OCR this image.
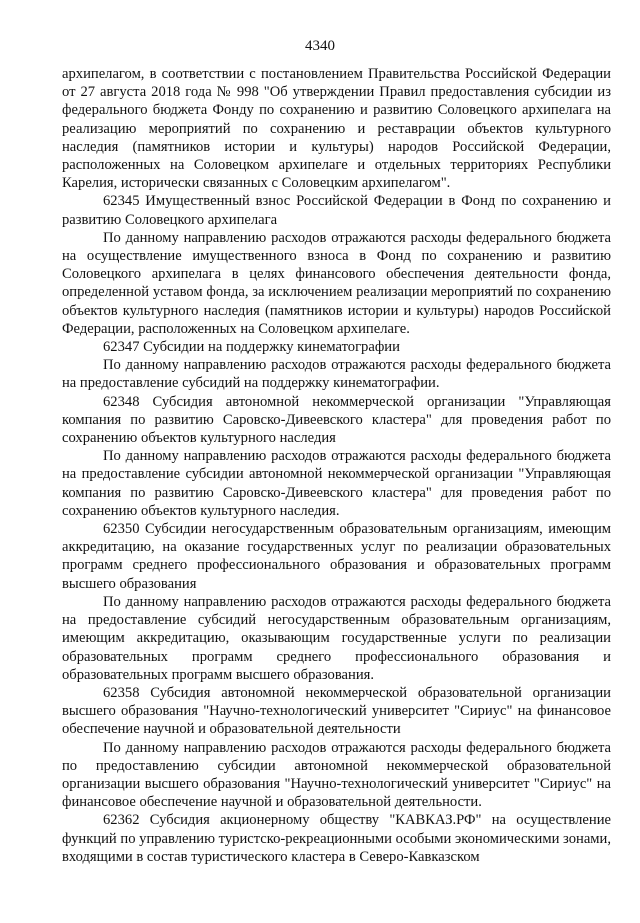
4340

архипелагом, в соответствии с постановлением Правительства Российской Федерации от 27 августа 2018 года № 998 "Об утверждении Правил предоставления субсидии из федерального бюджета Фонду по сохранению и развитию Соловецкого архипелага на реализацию мероприятий по сохранению и реставрации объектов культурного наследия (памятников истории и культуры) народов Российской Федерации, расположенных на Соловецком архипелаге и отдельных территориях Республики Карелия, исторически связанных с Соловецким архипелагом".

62345 Имущественный взнос Российской Федерации в Фонд по сохранению и развитию Соловецкого архипелага

По данному направлению расходов отражаются расходы федерального бюджета на осуществление имущественного взноса в Фонд по сохранению и развитию Соловецкого архипелага в целях финансового обеспечения деятельности фонда, определенной уставом фонда, за исключением реализации мероприятий по сохранению объектов культурного наследия (памятников истории и культуры) народов Российской Федерации, расположенных на Соловецком архипелаге.

62347 Субсидии на поддержку кинематографии

По данному направлению расходов отражаются расходы федерального бюджета на предоставление субсидий на поддержку кинематографии.

62348 Субсидия автономной некоммерческой организации "Управляющая компания по развитию Саровско-Дивеевского кластера" для проведения работ по сохранению объектов культурного наследия

По данному направлению расходов отражаются расходы федерального бюджета на предоставление субсидии автономной некоммерческой организации "Управляющая компания по развитию Саровско-Дивеевского кластера" для проведения работ по сохранению объектов культурного наследия.

62350 Субсидии негосударственным образовательным организациям, имеющим аккредитацию, на оказание государственных услуг по реализации образовательных программ среднего профессионального образования и образовательных программ высшего образования

По данному направлению расходов отражаются расходы федерального бюджета на предоставление субсидий негосударственным образовательным организациям, имеющим аккредитацию, оказывающим государственные услуги по реализации образовательных программ среднего профессионального образования и образовательных программ высшего образования.

62358 Субсидия автономной некоммерческой образовательной организации высшего образования "Научно-технологический университет "Сириус" на финансовое обеспечение научной и образовательной деятельности

По данному направлению расходов отражаются расходы федерального бюджета по предоставлению субсидии автономной некоммерческой образовательной организации высшего образования "Научно-технологический университет "Сириус" на финансовое обеспечение научной и образовательной деятельности.

62362 Субсидия акционерному обществу "КАВКАЗ.РФ" на осуществление функций по управлению туристско-рекреационными особыми экономическими зонами, входящими в состав туристического кластера в Северо-Кавказском
